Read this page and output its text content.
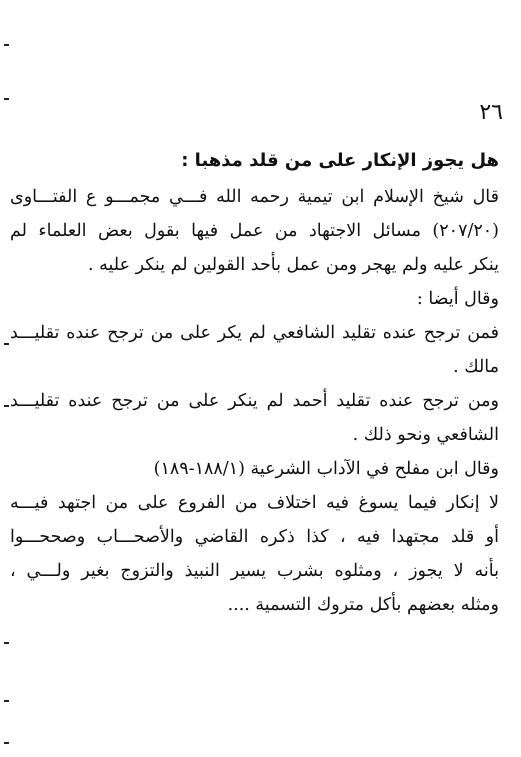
٢٦
هل يجوز الإنكار على من قلد مذهبا :
قال شيخ الإسلام ابن تيمية رحمه الله فـــي مجمـــو ع الفتـــاوى
(٢٠٧/٢٠) مسائل الاجتهاد من عمل فيها بقول بعض العلماء لم
ينكر عليه ولم يهجر ومن عمل بأحد القولين لم ينكر عليه .
وقال أيضا :
فمن ترجح عنده تقليد الشافعي لم يكر على من ترجح عنده تقليـــد
مالك .
ومن ترجح عنده تقليد أحمد لم ينكر على من ترجح عنده تقليـــد
الشافعي ونحو ذلك .
وقال ابن مفلح في الآداب الشرعية (١٨٨/١-١٨٩)
لا إنكار فيما يسوغ فيه اختلاف من الفروع على من اجتهد فيـــه
أو قلد مجتهدا فيه ، كذا ذكره القاضي والأصحـــاب وصححـــوا
بأنه لا يجوز ، ومثلوه بشرب يسير النبيذ والتزوج بغير ولـــي ،
ومثله بعضهم بأكل متروك التسمية ....
